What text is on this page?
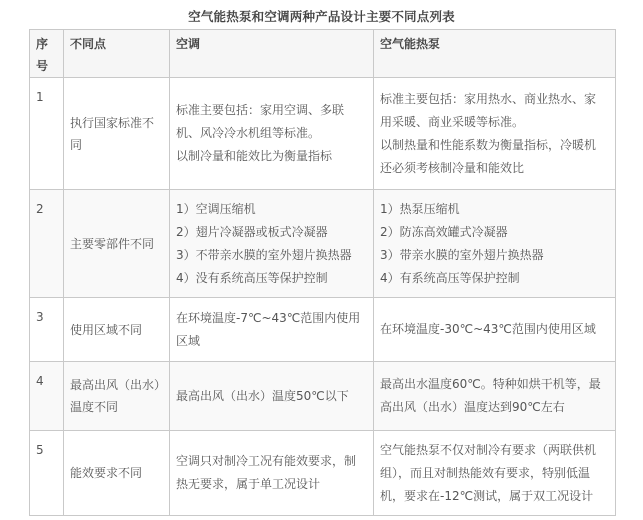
空气能热泵和空调两种产品设计主要不同点列表
序号	不同点	空调	空气能热泵
1	执行国家标准不同	标准主要包括：家用空调、多联
机、风冷冷水机组等标准。
以制冷量和能效比为衡量指标	标准主要包括：家用热水、商业热水、家
用采暖、商业采暖等标准。
以制热量和性能系数为衡量指标，冷暖机
还必须考核制冷量和能效比

2	主要零部件不同	1）空调压缩机
2）翅片冷凝器或板式冷凝器
3）不带亲水膜的室外翅片换热器
4）没有系统高压等保护控制	1）热泵压缩机
2）防冻高效罐式冷凝器
3）带亲水膜的室外翅片换热器
4）有系统高压等保护控制

3	使用区域不同	在环境温度-7℃~43℃范围内使用
区域	在环境温度-30℃~43℃范围内使用区域

4	最高出风（出水）温度不同	最高出风（出水）温度50℃以下	最高出水温度60℃。特种如烘干机等，最
高出风（出水）温度达到90℃左右

5	能效要求不同	空调只对制冷工况有能效要求，制
热无要求，属于单工况设计	空气能热泵不仅对制冷有要求（两联供机
组），而且对制热能效有要求，特别低温
机，要求在-12℃测试，属于双工况设计
